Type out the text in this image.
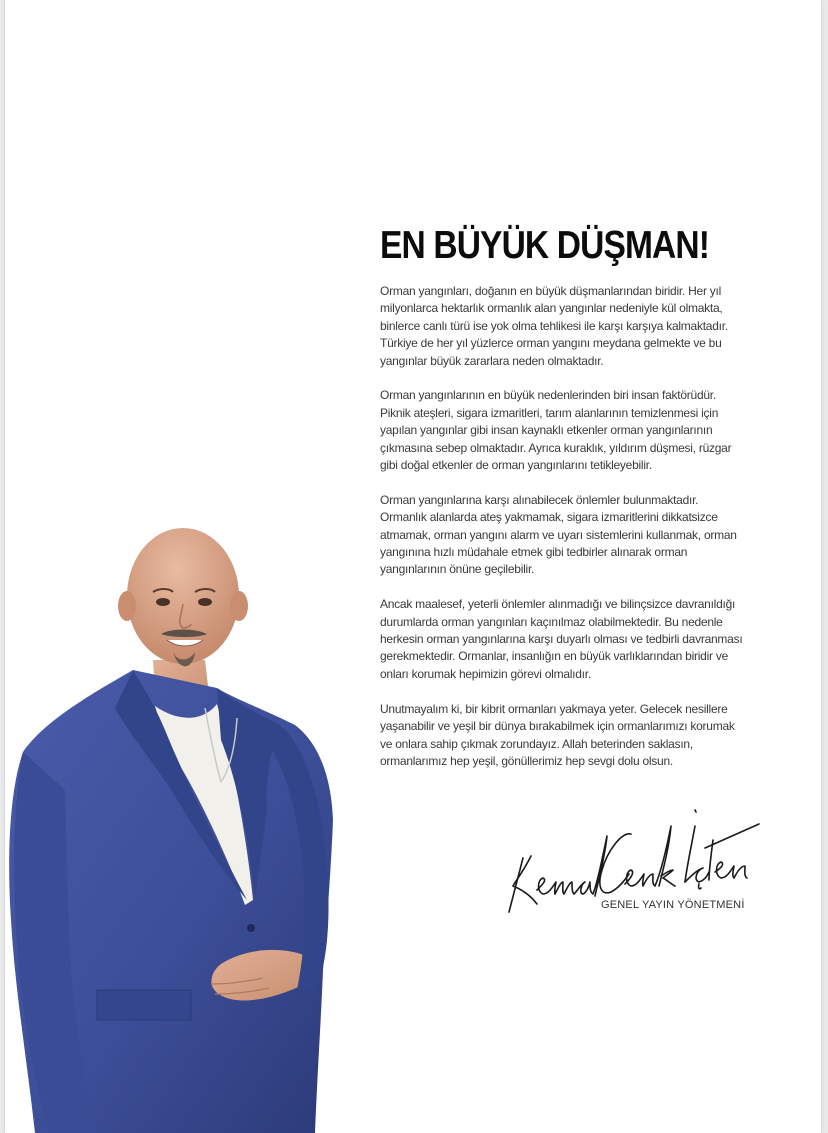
EN BÜYÜK DÜŞMAN!

Orman yangınları, doğanın en büyük düşmanlarından biridir. Her yıl milyonlarca hektarlık ormanlık alan yangınlar nedeniyle kül olmakta, binlerce canlı türü ise yok olma tehlikesi ile karşı karşıya kalmaktadır. Türkiye de her yıl yüzlerce orman yangını meydana gelmekte ve bu yangınlar büyük zararlara neden olmaktadır.

Orman yangınlarının en büyük nedenlerinden biri insan faktörüdür. Piknik ateşleri, sigara izmaritleri, tarım alanlarının temizlenmesi için yapılan yangınlar gibi insan kaynaklı etkenler orman yangınlarının çıkmasına sebep olmaktadır. Ayrıca kuraklık, yıldırım düşmesi, rüzgar gibi doğal etkenler de orman yangınlarını tetikleyebilir.

Orman yangınlarına karşı alınabilecek önlemler bulunmaktadır. Ormanlık alanlarda ateş yakmamak, sigara izmaritlerini dikkatsizce atmamak, orman yangını alarm ve uyarı sistemlerini kullanmak, orman yangınına hızlı müdahale etmek gibi tedbirler alınarak orman yangınlarının önüne geçilebilir.

Ancak maalesef, yeterli önlemler alınmadığı ve bilinçsizce davranıldığı durumlarda orman yangınları kaçınılmaz olabilmektedir. Bu nedenle herkesin orman yangınlarına karşı duyarlı olması ve tedbirli davranması gerekmektedir. Ormanlar, insanlığın en büyük varlıklarından biridir ve onları korumak hepimizin görevi olmalıdır.

Unutmayalım ki, bir kibrit ormanları yakmaya yeter. Gelecek nesillere yaşanabilir ve yeşil bir dünya bırakabilmek için ormanlarımızı korumak ve onlara sahip çıkmak zorundayız. Allah beterinden saklasın, ormanlarımız hep yeşil, gönüllerimiz hep sevgi dolu olsun.

GENEL YAYIN YÖNETMENİ
